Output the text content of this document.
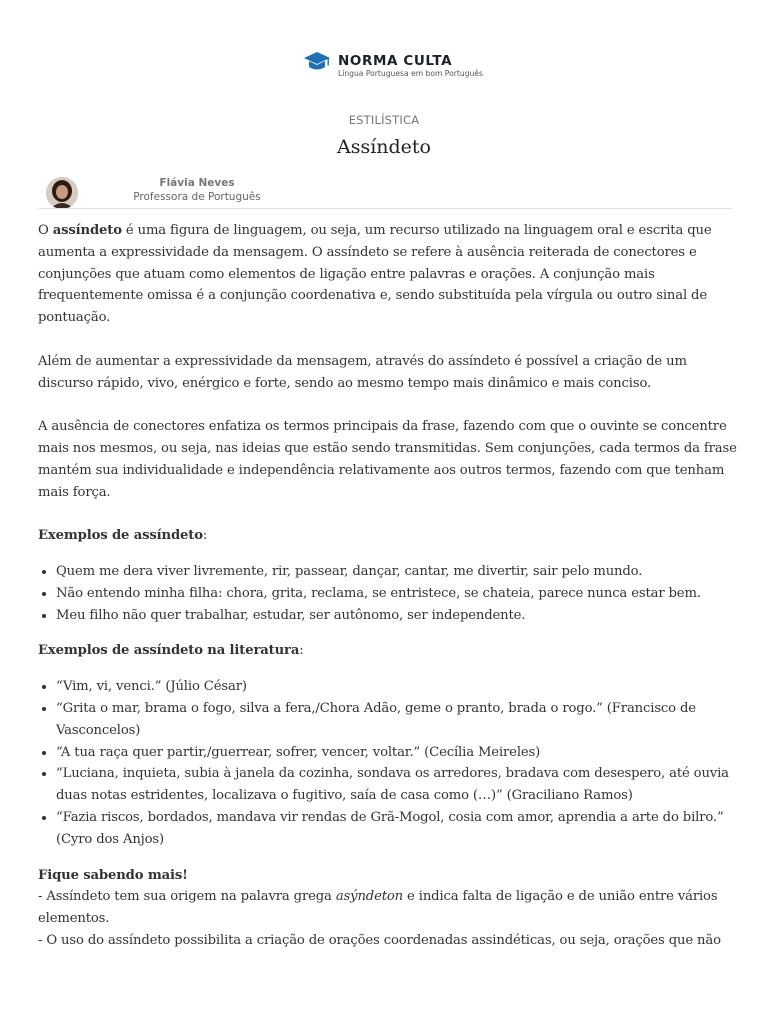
NORMA CULTA
Língua Portuguesa em bom Português
ESTILÍSTICA
Assíndeto
Flávia Neves
Professora de Português

O assíndeto é uma figura de linguagem, ou seja, um recurso utilizado na linguagem oral e escrita que aumenta a expressividade da mensagem. O assíndeto se refere à ausência reiterada de conectores e conjunções que atuam como elementos de ligação entre palavras e orações. A conjunção mais frequentemente omissa é a conjunção coordenativa e, sendo substituída pela vírgula ou outro sinal de pontuação.

Além de aumentar a expressividade da mensagem, através do assíndeto é possível a criação de um discurso rápido, vivo, enérgico e forte, sendo ao mesmo tempo mais dinâmico e mais conciso.

A ausência de conectores enfatiza os termos principais da frase, fazendo com que o ouvinte se concentre mais nos mesmos, ou seja, nas ideias que estão sendo transmitidas. Sem conjunções, cada termos da frase mantém sua individualidade e independência relativamente aos outros termos, fazendo com que tenham mais força.

Exemplos de assíndeto:
• Quem me dera viver livremente, rir, passear, dançar, cantar, me divertir, sair pelo mundo.
• Não entendo minha filha: chora, grita, reclama, se entristece, se chateia, parece nunca estar bem.
• Meu filho não quer trabalhar, estudar, ser autônomo, ser independente.
Exemplos de assíndeto na literatura:
• “Vim, vi, venci.” (Júlio César)
• “Grita o mar, brama o fogo, silva a fera,/Chora Adão, geme o pranto, brada o rogo.” (Francisco de Vasconcelos)
• “A tua raça quer partir,/guerrear, sofrer, vencer, voltar.” (Cecília Meireles)
• “Luciana, inquieta, subia à janela da cozinha, sondava os arredores, bradava com desespero, até ouvia duas notas estridentes, localizava o fugitivo, saía de casa como (…)” (Graciliano Ramos)
• “Fazia riscos, bordados, mandava vir rendas de Grã-Mogol, cosia com amor, aprendia a arte do bilro.” (Cyro dos Anjos)
Fique sabendo mais!
- Assíndeto tem sua origem na palavra grega asýndeton e indica falta de ligação e de união entre vários elementos.
- O uso do assíndeto possibilita a criação de orações coordenadas assindéticas, ou seja, orações que não
